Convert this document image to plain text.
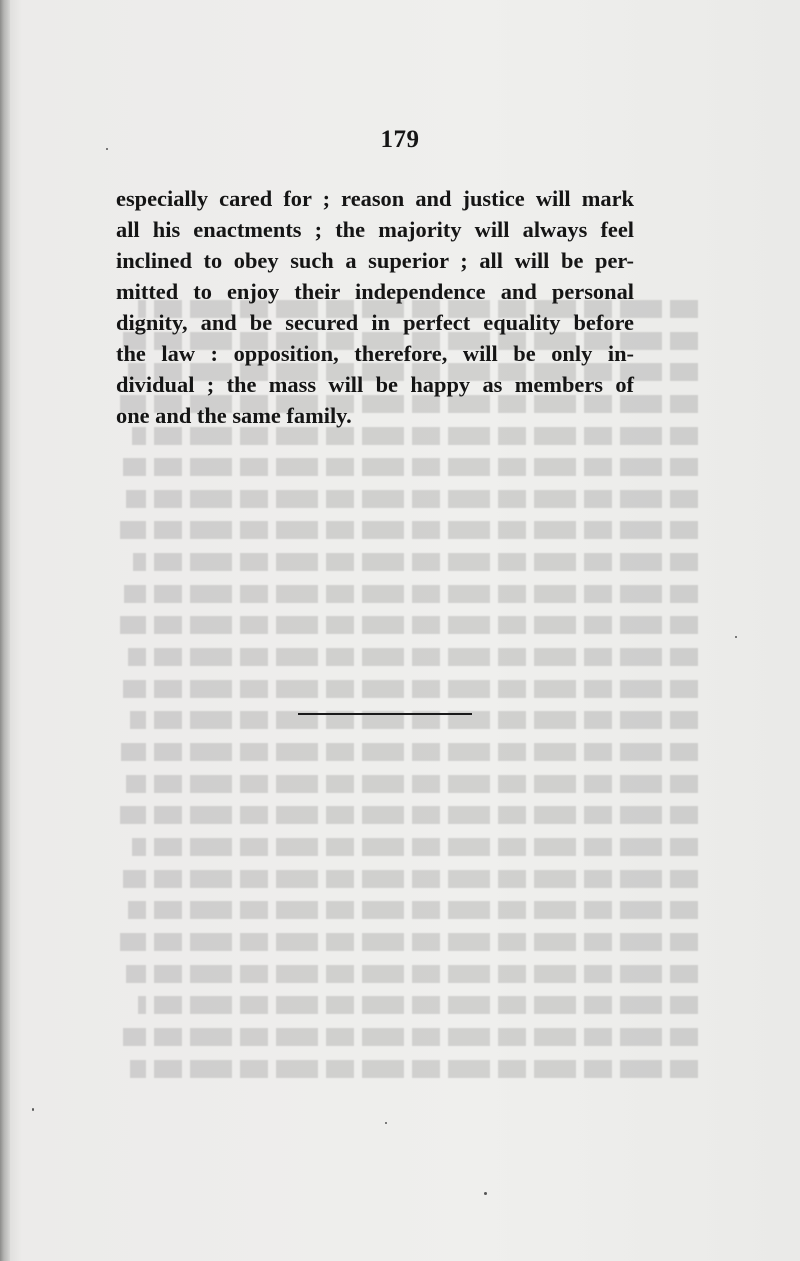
179
especially cared for ; reason and justice will mark
all his enactments ; the majority will always feel
inclined to obey such a superior ; all will be per-
mitted to enjoy their independence and personal
dignity, and be secured in perfect equality before
the law : opposition, therefore, will be only in-
dividual ; the mass will be happy as members of
one and the same family.
